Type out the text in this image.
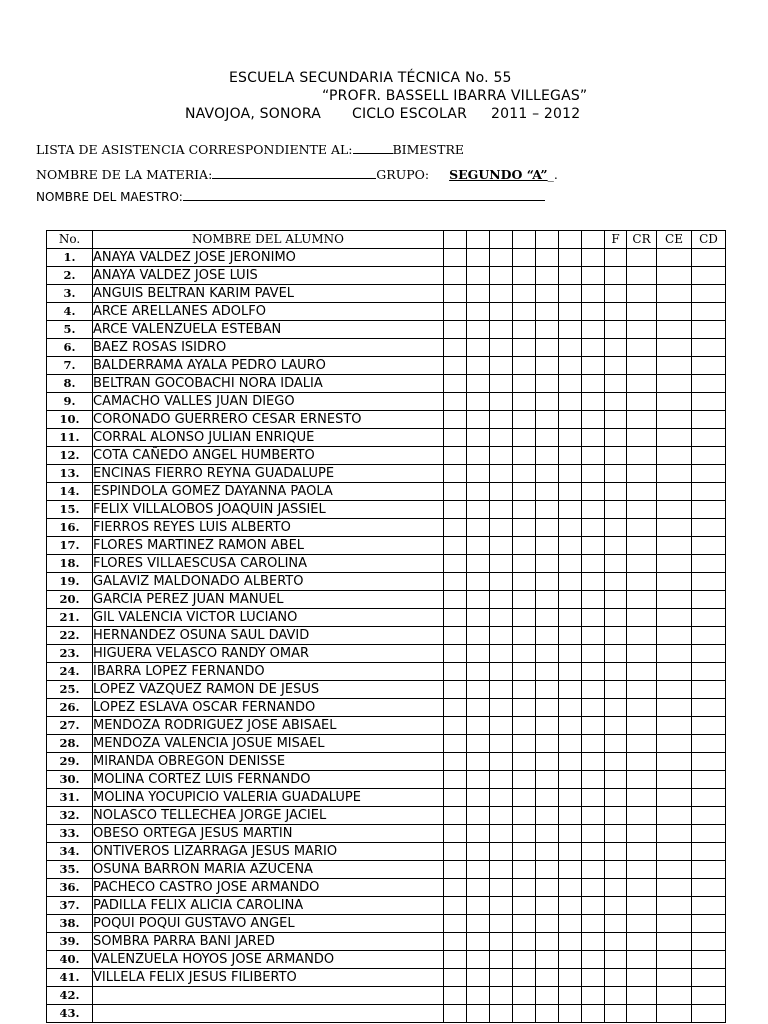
ESCUELA SECUNDARIA TÉCNICA No. 55
“PROFR. BASSELL IBARRA VILLEGAS”
NAVOJOA, SONORA CICLO ESCOLAR 2011 – 2012
LISTA DE ASISTENCIA CORRESPONDIENTE AL:	BIMESTRE
NOMBRE DE LA MATERIA:	GRUPO: SEGUNDO “A”_.
NOMBRE DEL MAESTRO:
No.	NOMBRE DEL ALUMNO								F	CR	CE	CD
1.	ANAYA VALDEZ JOSE JERONIMO											
2.	ANAYA VALDEZ JOSE LUIS											
3.	ANGUIS BELTRAN KARIM PAVEL											
4.	ARCE ARELLANES ADOLFO											
5.	ARCE VALENZUELA ESTEBAN											
6.	BAEZ ROSAS ISIDRO											
7.	BALDERRAMA AYALA PEDRO LAURO											
8.	BELTRAN GOCOBACHI NORA IDALIA											
9.	CAMACHO VALLES JUAN DIEGO											
10.	CORONADO GUERRERO CESAR ERNESTO											
11.	CORRAL ALONSO JULIAN ENRIQUE											
12.	COTA CAÑEDO ANGEL HUMBERTO											
13.	ENCINAS FIERRO REYNA GUADALUPE											
14.	ESPINDOLA GOMEZ DAYANNA PAOLA											
15.	FELIX VILLALOBOS JOAQUIN JASSIEL											
16.	FIERROS REYES LUIS ALBERTO											
17.	FLORES MARTINEZ RAMON ABEL											
18.	FLORES VILLAESCUSA CAROLINA											
19.	GALAVIZ MALDONADO ALBERTO											
20.	GARCIA PEREZ JUAN MANUEL											
21.	GIL VALENCIA VICTOR LUCIANO											
22.	HERNANDEZ OSUNA SAUL DAVID											
23.	HIGUERA VELASCO RANDY OMAR											
24.	IBARRA LOPEZ FERNANDO											
25.	LOPEZ VAZQUEZ RAMON DE JESUS											
26.	LOPEZ ESLAVA OSCAR FERNANDO											
27.	MENDOZA RODRIGUEZ JOSE ABISAEL											
28.	MENDOZA VALENCIA JOSUE MISAEL											
29.	MIRANDA OBREGON DENISSE											
30.	MOLINA CORTEZ LUIS FERNANDO											
31.	MOLINA YOCUPICIO VALERIA GUADALUPE											
32.	NOLASCO TELLECHEA JORGE JACIEL											
33.	OBESO ORTEGA JESUS MARTIN											
34.	ONTIVEROS LIZARRAGA JESUS MARIO											
35.	OSUNA BARRON MARIA AZUCENA											
36.	PACHECO CASTRO JOSE ARMANDO											
37.	PADILLA FELIX ALICIA CAROLINA											
38.	POQUI POQUI GUSTAVO ANGEL											
39.	SOMBRA PARRA BANI JARED											
40.	VALENZUELA HOYOS JOSE ARMANDO											
41.	VILLELA FELIX JESUS FILIBERTO											
42.												
43.												
